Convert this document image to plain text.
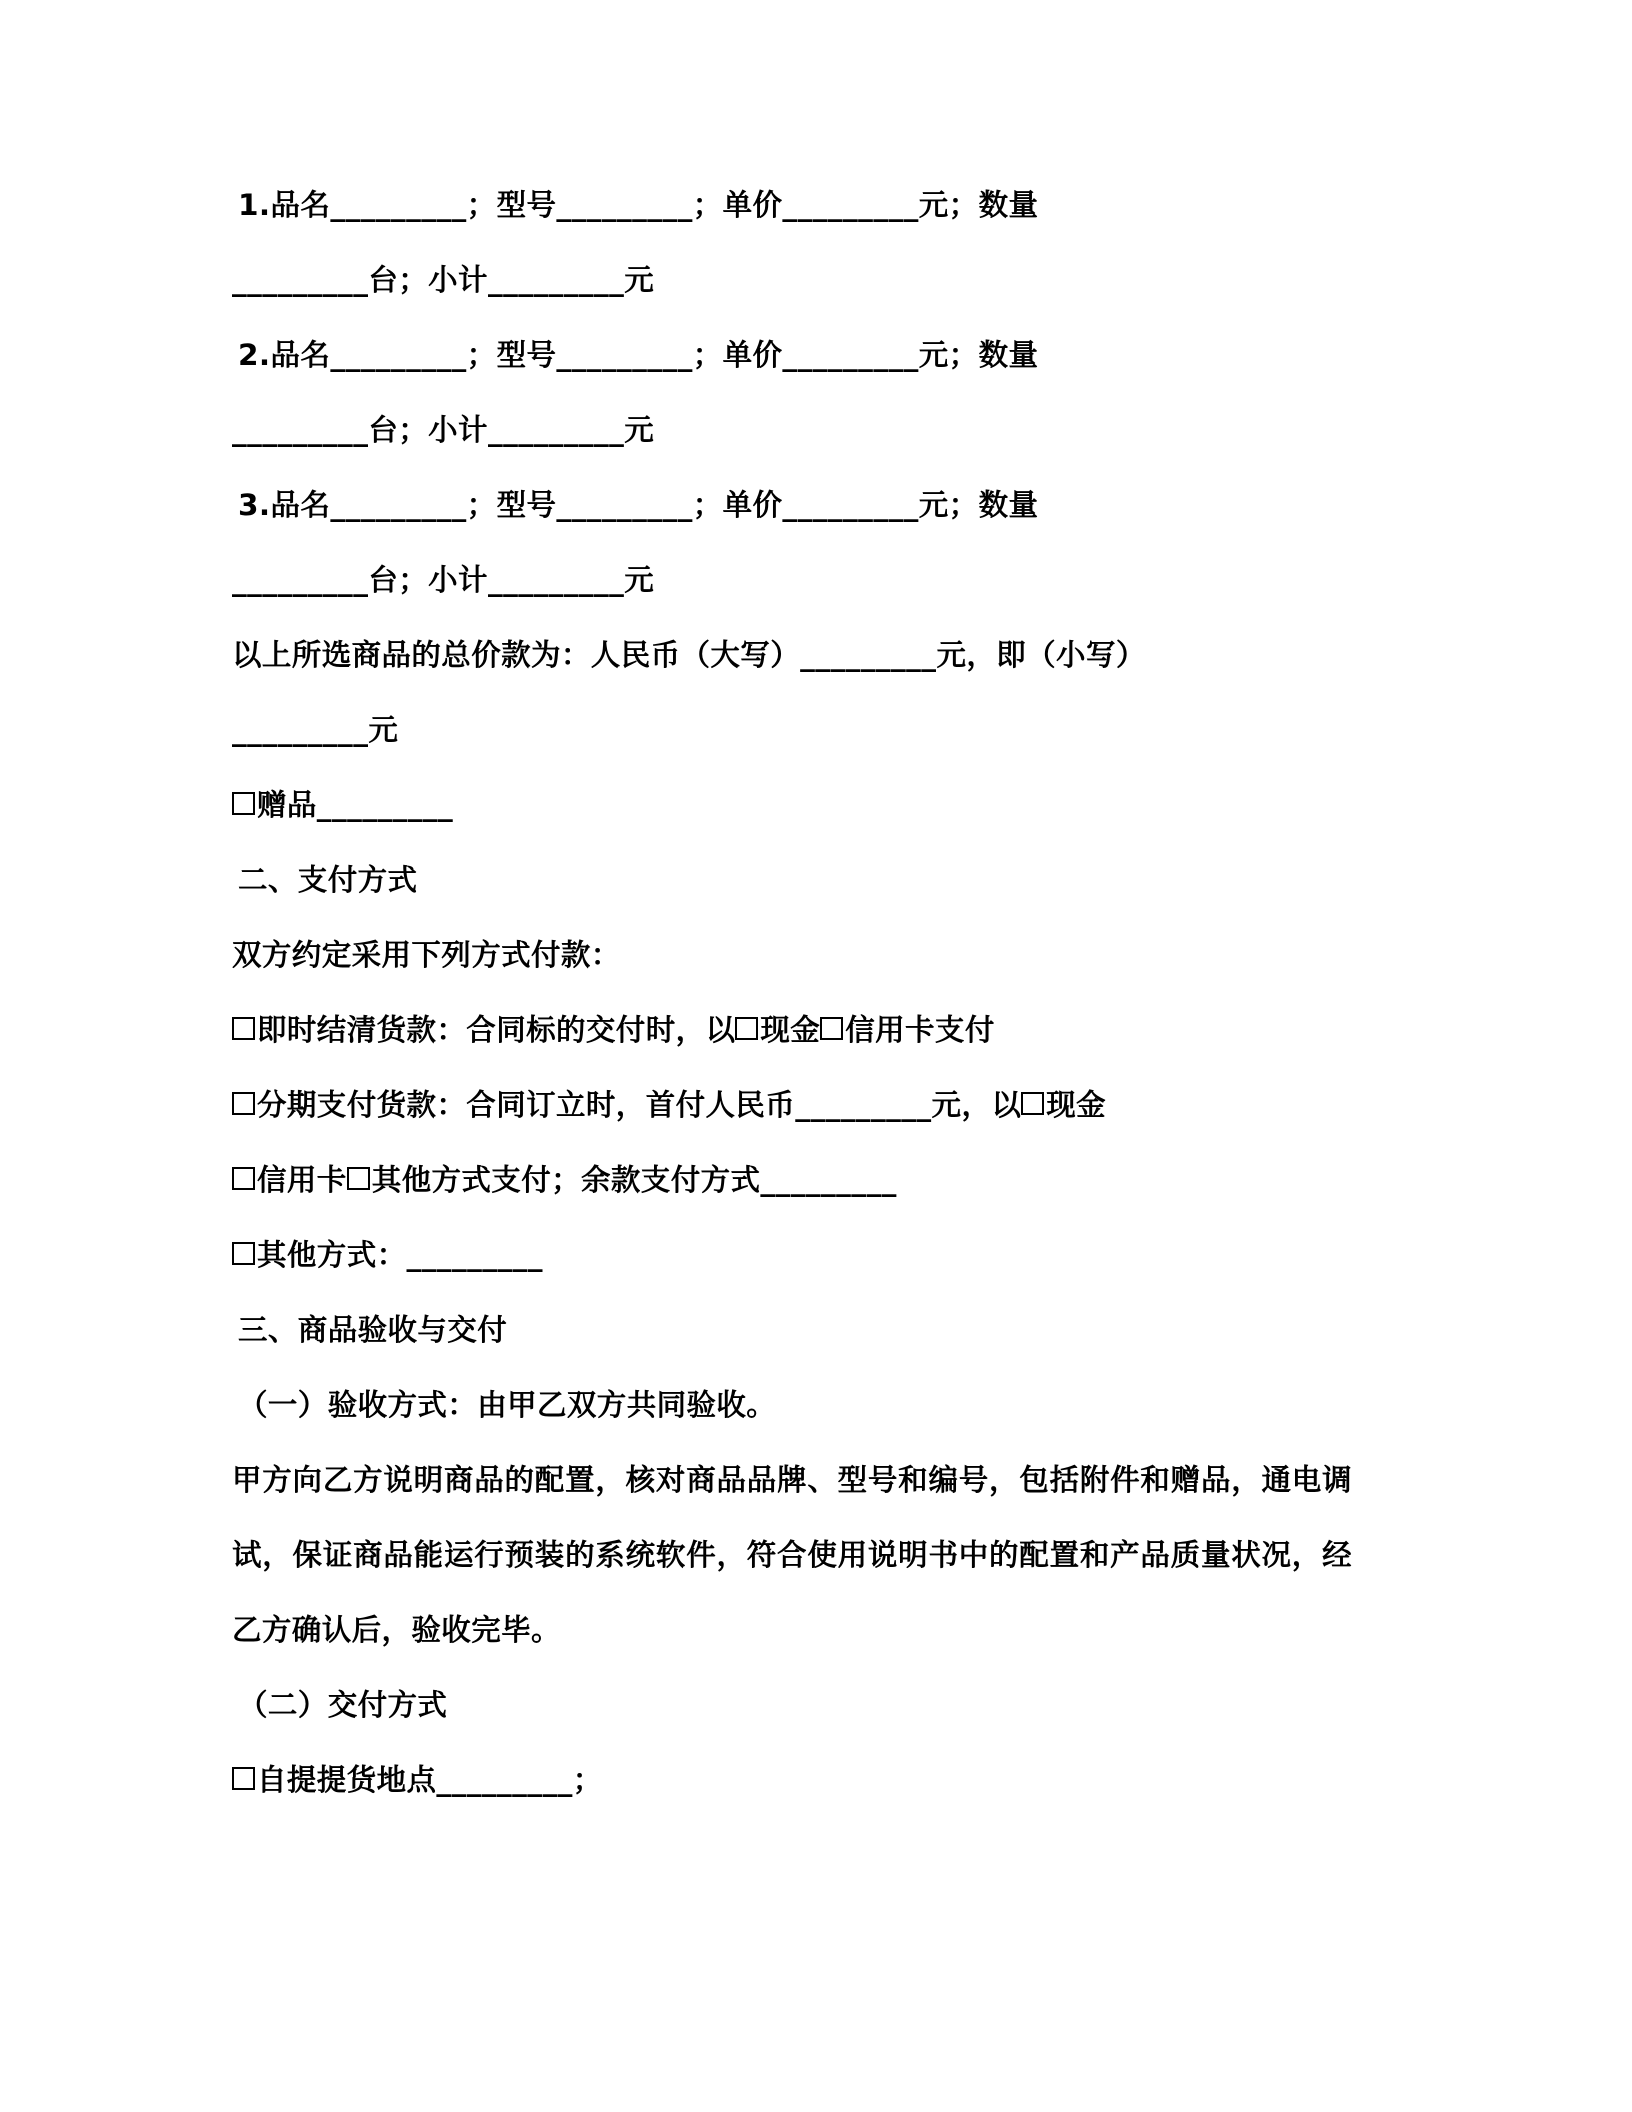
1.品名_________；型号_________；单价_________元；数量
_________台；小计_________元
2.品名_________；型号_________；单价_________元；数量
_________台；小计_________元
3.品名_________；型号_________；单价_________元；数量
_________台；小计_________元
以上所选商品的总价款为：人民币（大写）_________元，即（小写）
_________元
赠品_________
二、支付方式
双方约定采用下列方式付款：
即时结清货款：合同标的交付时，以 现金 信用卡支付
分期支付货款：合同订立时，首付人民币_________元，以 现金
信用卡 其他方式支付；余款支付方式_________
其他方式：_________
三、商品验收与交付
（一）验收方式：由甲乙双方共同验收。
甲方向乙方说明商品的配置，核对商品品牌、型号和编号，包括附件和赠品，通电调试，保证商品能运行预装的系统软件，符合使用说明书中的配置和产品质量状况，经乙方确认后，验收完毕。
（二）交付方式
自提提货地点_________；
